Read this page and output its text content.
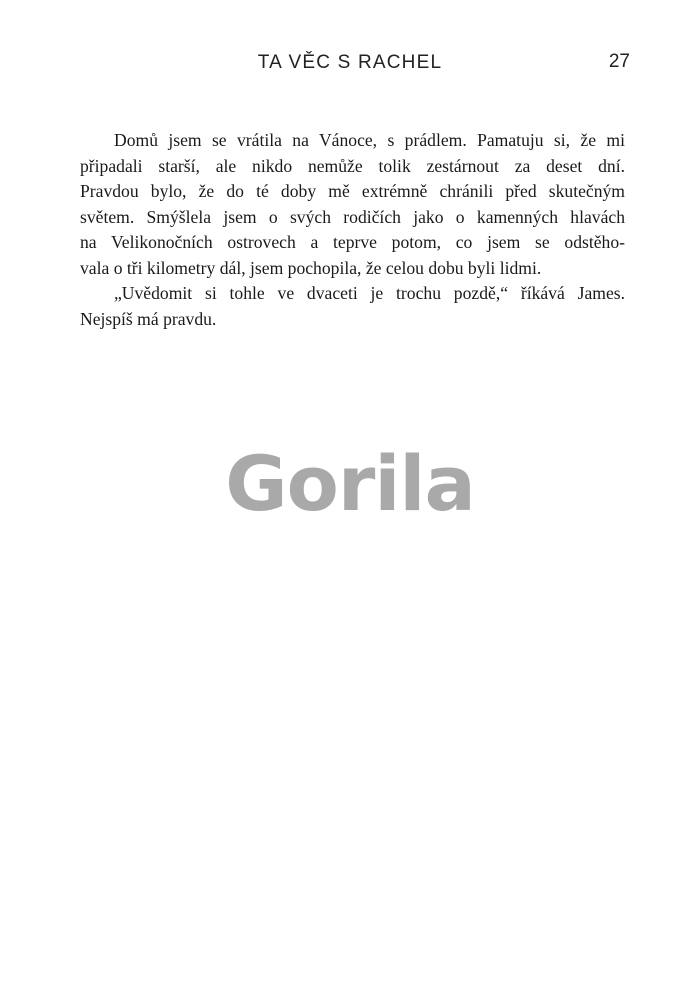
TA VĚC S RACHEL	27
Domů jsem se vrátila na Vánoce, s prádlem. Pamatuju si, že mi
připadali starší, ale nikdo nemůže tolik zestárnout za deset dní.
Pravdou bylo, že do té doby mě extrémně chránili před skutečným
světem. Smýšlela jsem o svých rodičích jako o kamenných hlavách
na Velikonočních ostrovech a teprve potom, co jsem se odstěho-
vala o tři kilometry dál, jsem pochopila, že celou dobu byli lidmi.
„Uvědomit si tohle ve dvaceti je trochu pozdě,“ říkává James.
Nejspíš má pravdu.
Gorila
